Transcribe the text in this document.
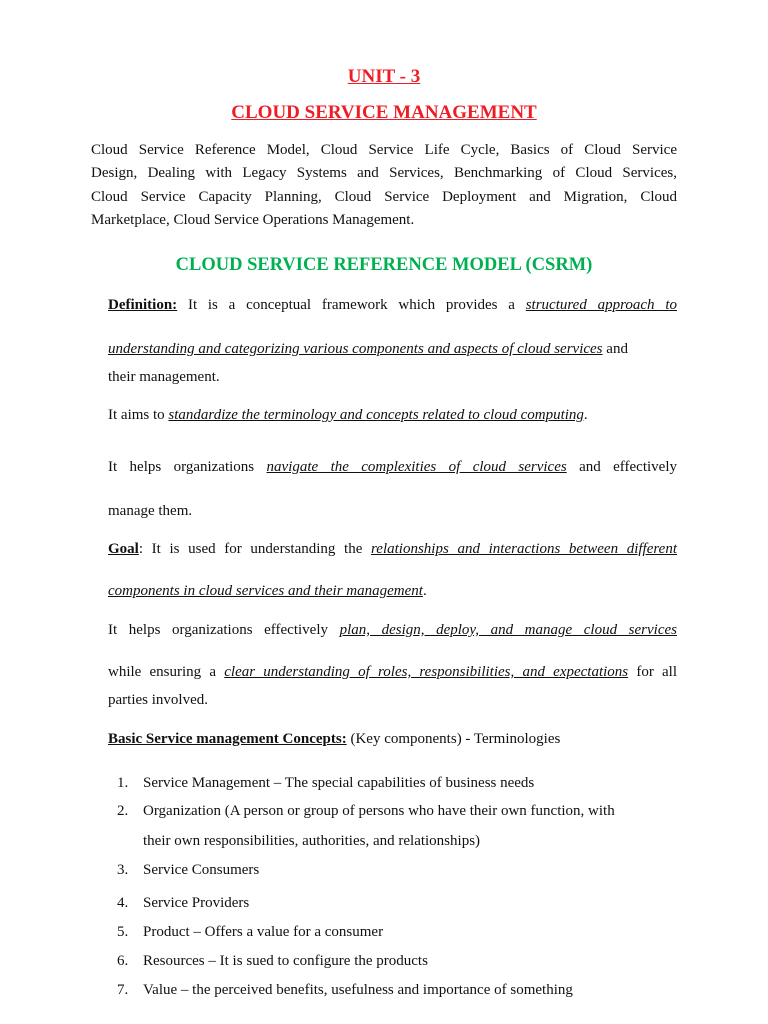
UNIT - 3
CLOUD SERVICE MANAGEMENT
Cloud Service Reference Model, Cloud Service Life Cycle, Basics of Cloud Service
Design, Dealing with Legacy Systems and Services, Benchmarking of Cloud Services,
Cloud Service Capacity Planning, Cloud Service Deployment and Migration, Cloud
Marketplace, Cloud Service Operations Management.
CLOUD SERVICE REFERENCE MODEL (CSRM)
Definition: It is a conceptual framework which provides a structured approach to
understanding and categorizing various components and aspects of cloud services and
their management.
It aims to standardize the terminology and concepts related to cloud computing.
It helps organizations navigate the complexities of cloud services and effectively
manage them.
Goal: It is used for understanding the relationships and interactions between different
components in cloud services and their management.
It helps organizations effectively plan, design, deploy, and manage cloud services
while ensuring a clear understanding of roles, responsibilities, and expectations for all
parties involved.
Basic Service management Concepts: (Key components) - Terminologies
1. Service Management – The special capabilities of business needs
2. Organization (A person or group of persons who have their own function, with
their own responsibilities, authorities, and relationships)
3. Service Consumers
4. Service Providers
5. Product – Offers a value for a consumer
6. Resources – It is sued to configure the products
7. Value – the perceived benefits, usefulness and importance of something
